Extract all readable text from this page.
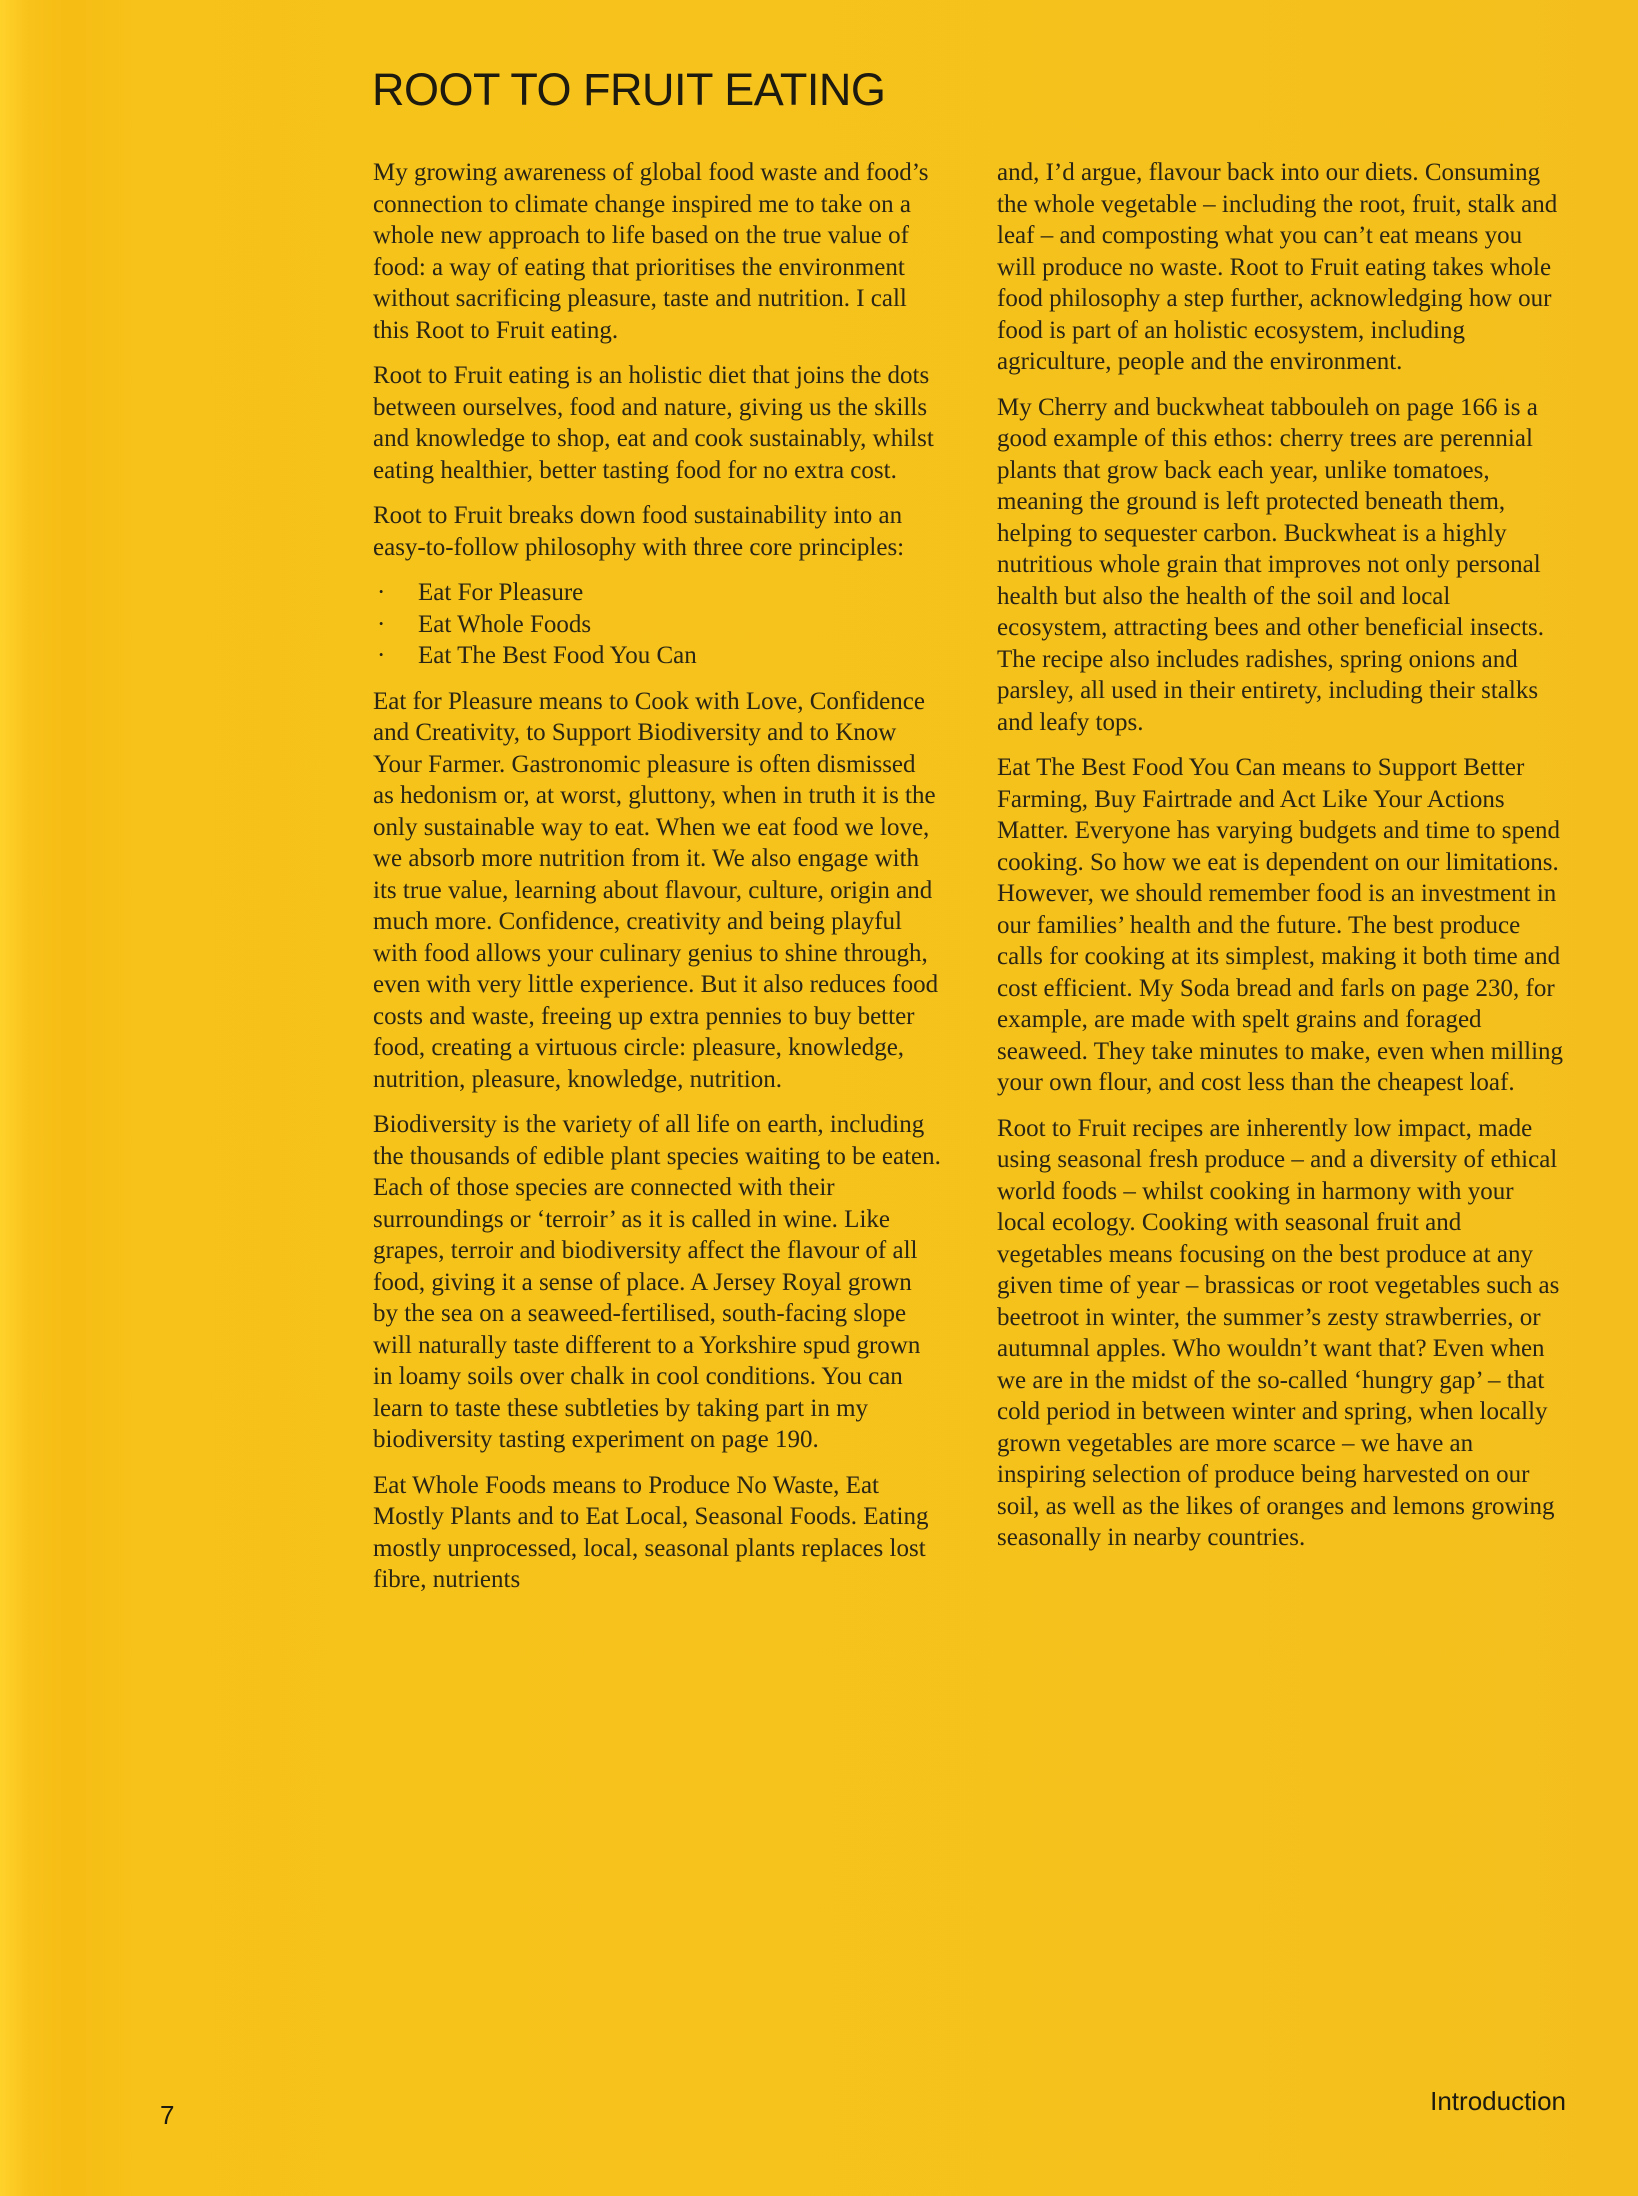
ROOT TO FRUIT EATING

My growing awareness of global food waste and food’s connection to climate change inspired me to take on a whole new approach to life based on the true value of food: a way of eating that prioritises the environment without sacrificing pleasure, taste and nutrition. I call this Root to Fruit eating.

Root to Fruit eating is an holistic diet that joins the dots between ourselves, food and nature, giving us the skills and knowledge to shop, eat and cook sustainably, whilst eating healthier, better tasting food for no extra cost.

Root to Fruit breaks down food sustainability into an easy-to-follow philosophy with three core principles:

· Eat For Pleasure
· Eat Whole Foods
· Eat The Best Food You Can

Eat for Pleasure means to Cook with Love, Confidence and Creativity, to Support Biodiversity and to Know Your Farmer. Gastronomic pleasure is often dismissed as hedonism or, at worst, gluttony, when in truth it is the only sustainable way to eat. When we eat food we love, we absorb more nutrition from it. We also engage with its true value, learning about flavour, culture, origin and much more. Confidence, creativity and being playful with food allows your culinary genius to shine through, even with very little experience. But it also reduces food costs and waste, freeing up extra pennies to buy better food, creating a virtuous circle: pleasure, knowledge, nutrition, pleasure, knowledge, nutrition.

Biodiversity is the variety of all life on earth, including the thousands of edible plant species waiting to be eaten. Each of those species are connected with their surroundings or ‘terroir’ as it is called in wine. Like grapes, terroir and biodiversity affect the flavour of all food, giving it a sense of place. A Jersey Royal grown by the sea on a seaweed-fertilised, south-facing slope will naturally taste different to a Yorkshire spud grown in loamy soils over chalk in cool conditions. You can learn to taste these subtleties by taking part in my biodiversity tasting experiment on page 190.

Eat Whole Foods means to Produce No Waste, Eat Mostly Plants and to Eat Local, Seasonal Foods. Eating mostly unprocessed, local, seasonal plants replaces lost fibre, nutrients

and, I’d argue, flavour back into our diets. Consuming the whole vegetable – including the root, fruit, stalk and leaf – and composting what you can’t eat means you will produce no waste. Root to Fruit eating takes whole food philosophy a step further, acknowledging how our food is part of an holistic ecosystem, including agriculture, people and the environment.

My Cherry and buckwheat tabbouleh on page 166 is a good example of this ethos: cherry trees are perennial plants that grow back each year, unlike tomatoes, meaning the ground is left protected beneath them, helping to sequester carbon. Buckwheat is a highly nutritious whole grain that improves not only personal health but also the health of the soil and local ecosystem, attracting bees and other beneficial insects. The recipe also includes radishes, spring onions and parsley, all used in their entirety, including their stalks and leafy tops.

Eat The Best Food You Can means to Support Better Farming, Buy Fairtrade and Act Like Your Actions Matter. Everyone has varying budgets and time to spend cooking. So how we eat is dependent on our limitations. However, we should remember food is an investment in our families’ health and the future. The best produce calls for cooking at its simplest, making it both time and cost efficient. My Soda bread and farls on page 230, for example, are made with spelt grains and foraged seaweed. They take minutes to make, even when milling your own flour, and cost less than the cheapest loaf.

Root to Fruit recipes are inherently low impact, made using seasonal fresh produce – and a diversity of ethical world foods – whilst cooking in harmony with your local ecology. Cooking with seasonal fruit and vegetables means focusing on the best produce at any given time of year – brassicas or root vegetables such as beetroot in winter, the summer’s zesty strawberries, or autumnal apples. Who wouldn’t want that? Even when we are in the midst of the so-called ‘hungry gap’ – that cold period in between winter and spring, when locally grown vegetables are more scarce – we have an inspiring selection of produce being harvested on our soil, as well as the likes of oranges and lemons growing seasonally in nearby countries.

7	Introduction
